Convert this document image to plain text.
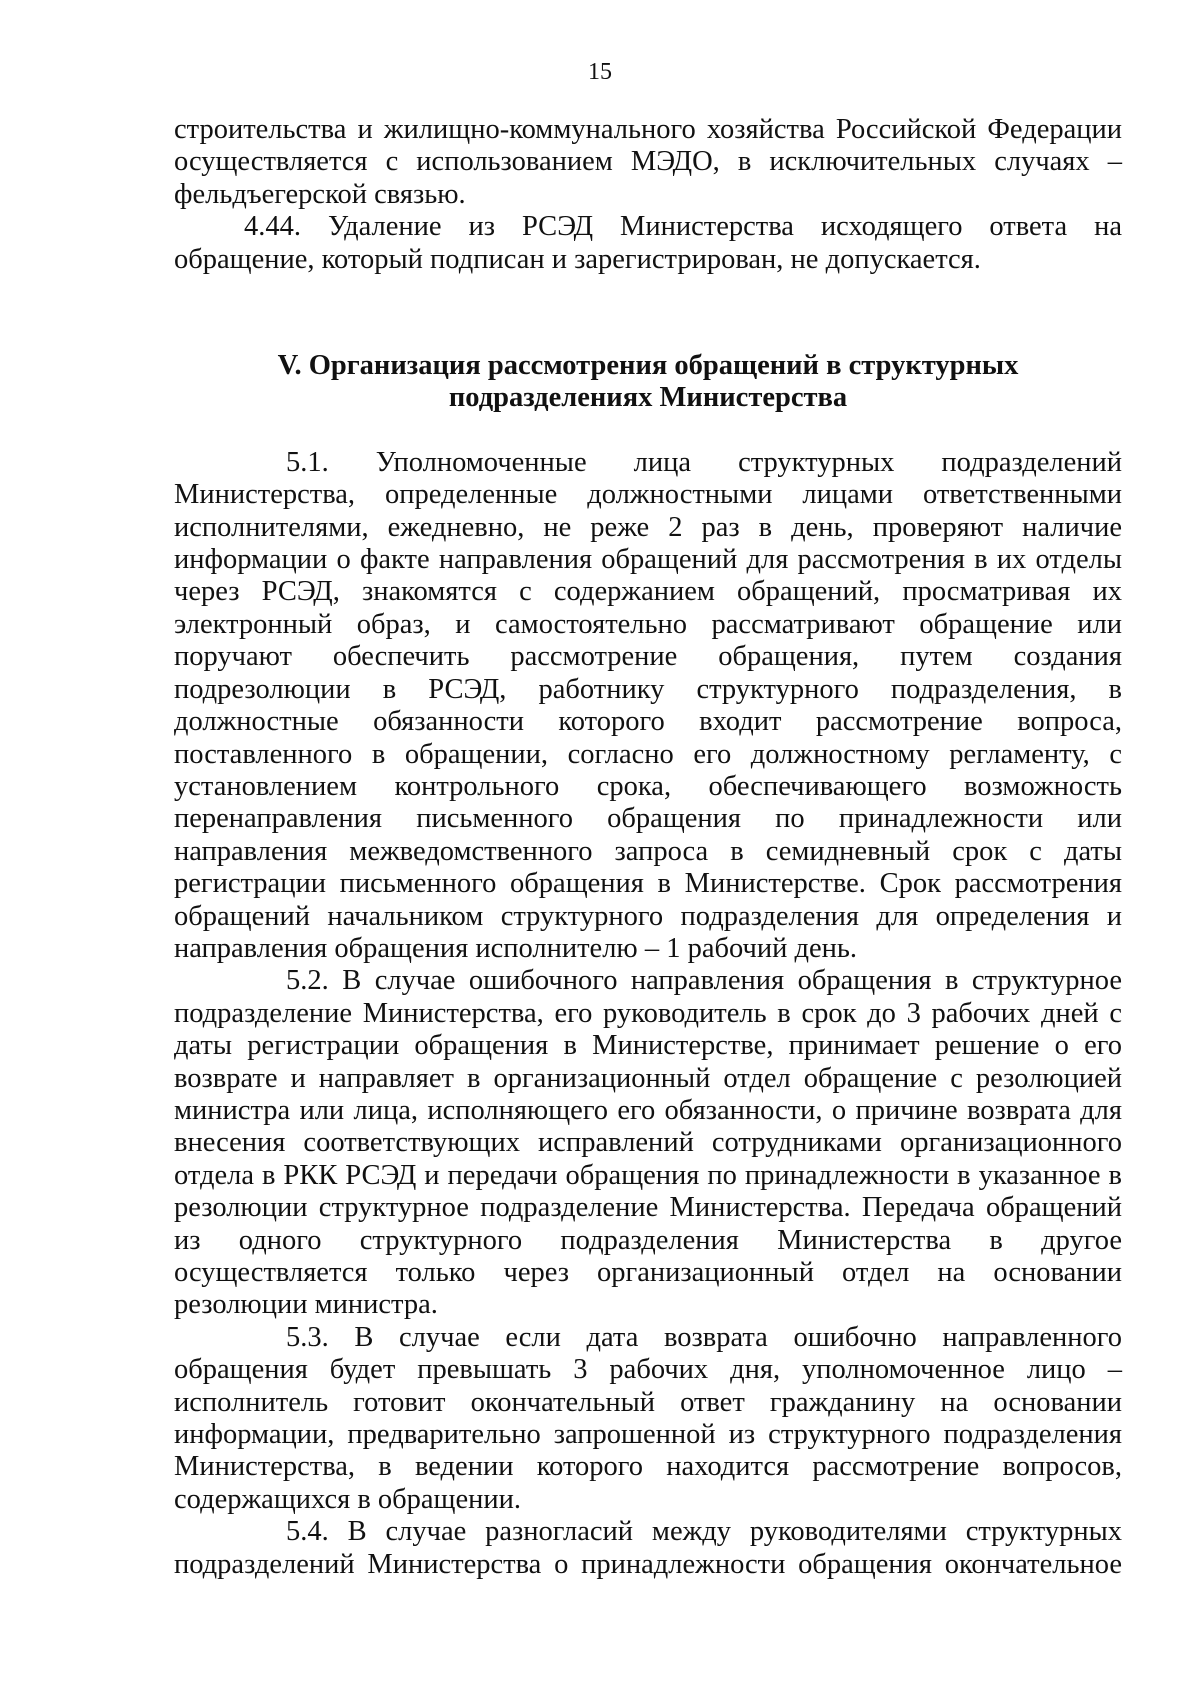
15

строительства и жилищно-коммунального хозяйства Российской Федерации осуществляется с использованием МЭДО, в исключительных случаях – фельдъегерской связью.

4.44. Удаление из РСЭД Министерства исходящего ответа на обращение, который подписан и зарегистрирован, не допускается.

V. Организация рассмотрения обращений в структурных
подразделениях Министерства

5.1. Уполномоченные лица структурных подразделений Министерства, определенные должностными лицами ответственными исполнителями, ежедневно, не реже 2 раз в день, проверяют наличие информации о факте направления обращений для рассмотрения в их отделы через РСЭД, знакомятся с содержанием обращений, просматривая их электронный образ, и самостоятельно рассматривают обращение или поручают обеспечить рассмотрение обращения, путем создания подрезолюции в РСЭД, работнику структурного подразделения, в должностные обязанности которого входит рассмотрение вопроса, поставленного в обращении, согласно его должностному регламенту, с установлением контрольного срока, обеспечивающего возможность перенаправления письменного обращения по принадлежности или направления межведомственного запроса в семидневный срок с даты регистрации письменного обращения в Министерстве. Срок рассмотрения обращений начальником структурного подразделения для определения и направления обращения исполнителю – 1 рабочий день.

5.2. В случае ошибочного направления обращения в структурное подразделение Министерства, его руководитель в срок до 3 рабочих дней с даты регистрации обращения в Министерстве, принимает решение о его возврате и направляет в организационный отдел обращение с резолюцией министра или лица, исполняющего его обязанности, о причине возврата для внесения соответствующих исправлений сотрудниками организационного отдела в РКК РСЭД и передачи обращения по принадлежности в указанное в резолюции структурное подразделение Министерства. Передача обращений из одного структурного подразделения Министерства в другое осуществляется только через организационный отдел на основании резолюции министра.

5.3. В случае если дата возврата ошибочно направленного обращения будет превышать 3 рабочих дня, уполномоченное лицо – исполнитель готовит окончательный ответ гражданину на основании информации, предварительно запрошенной из структурного подразделения Министерства, в ведении которого находится рассмотрение вопросов, содержащихся в обращении.

5.4. В случае разногласий между руководителями структурных подразделений Министерства о принадлежности обращения окончательное
